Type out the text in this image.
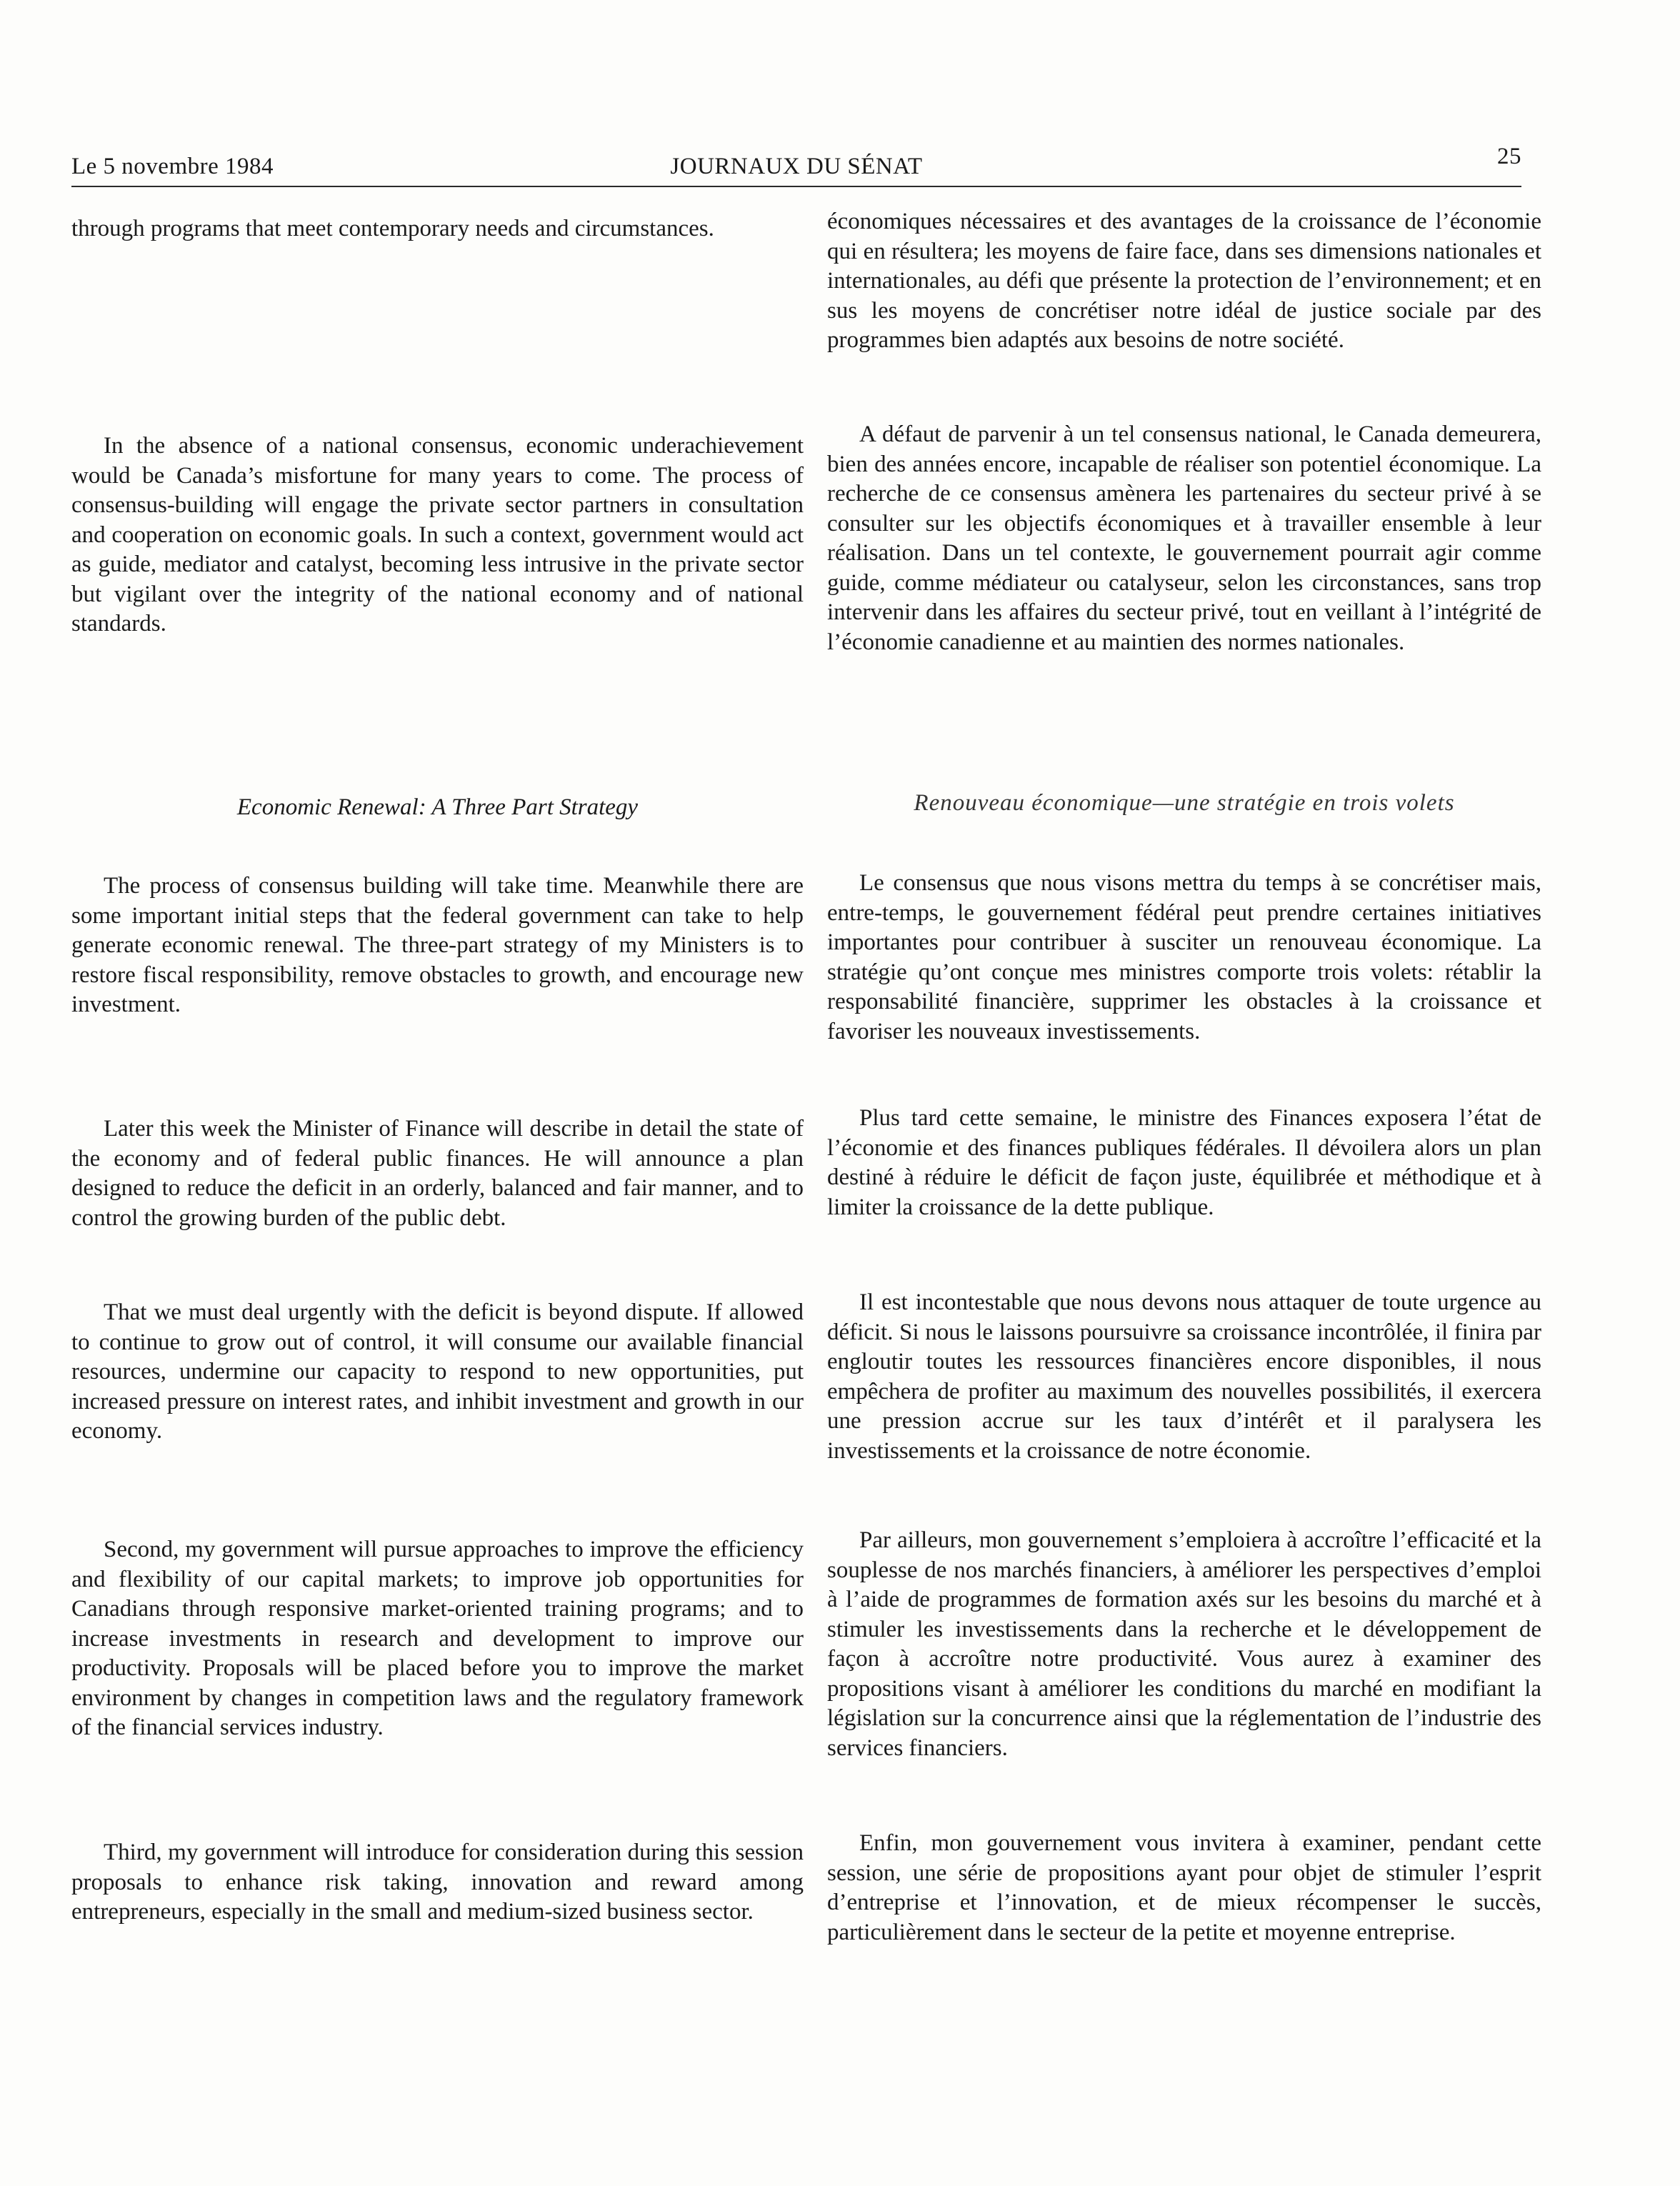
Le 5 novembre 1984	JOURNAUX DU SÉNAT	25

through programs that meet contemporary needs and circumstances.

In the absence of a national consensus, economic underachievement would be Canada’s misfortune for many years to come. The process of consensus-building will engage the private sector partners in consultation and cooperation on economic goals. In such a context, government would act as guide, mediator and catalyst, becoming less intrusive in the private sector but vigilant over the integrity of the national economy and of national standards.

Economic Renewal: A Three Part Strategy

The process of consensus building will take time. Meanwhile there are some important initial steps that the federal government can take to help generate economic renewal. The three-part strategy of my Ministers is to restore fiscal responsibility, remove obstacles to growth, and encourage new investment.

Later this week the Minister of Finance will describe in detail the state of the economy and of federal public finances. He will announce a plan designed to reduce the deficit in an orderly, balanced and fair manner, and to control the growing burden of the public debt.

That we must deal urgently with the deficit is beyond dispute. If allowed to continue to grow out of control, it will consume our available financial resources, undermine our capacity to respond to new opportunities, put increased pressure on interest rates, and inhibit investment and growth in our economy.

Second, my government will pursue approaches to improve the efficiency and flexibility of our capital markets; to improve job opportunities for Canadians through responsive market-oriented training programs; and to increase investments in research and development to improve our productivity. Proposals will be placed before you to improve the market environment by changes in competition laws and the regulatory framework of the financial services industry.

Third, my government will introduce for consideration during this session proposals to enhance risk taking, innovation and reward among entrepreneurs, especially in the small and medium-sized business sector.

économiques nécessaires et des avantages de la croissance de l’économie qui en résultera; les moyens de faire face, dans ses dimensions nationales et internationales, au défi que présente la protection de l’environnement; et en sus les moyens de concrétiser notre idéal de justice sociale par des programmes bien adaptés aux besoins de notre société.

A défaut de parvenir à un tel consensus national, le Canada demeurera, bien des années encore, incapable de réaliser son potentiel économique. La recherche de ce consensus amènera les partenaires du secteur privé à se consulter sur les objectifs économiques et à travailler ensemble à leur réalisation. Dans un tel contexte, le gouvernement pourrait agir comme guide, comme médiateur ou catalyseur, selon les circonstances, sans trop intervenir dans les affaires du secteur privé, tout en veillant à l’intégrité de l’économie canadienne et au maintien des normes nationales.

Renouveau économique—une stratégie en trois volets

Le consensus que nous visons mettra du temps à se concrétiser mais, entre-temps, le gouvernement fédéral peut prendre certaines initiatives importantes pour contribuer à susciter un renouveau économique. La stratégie qu’ont conçue mes ministres comporte trois volets: rétablir la responsabilité financière, supprimer les obstacles à la croissance et favoriser les nouveaux investissements.

Plus tard cette semaine, le ministre des Finances exposera l’état de l’économie et des finances publiques fédérales. Il dévoilera alors un plan destiné à réduire le déficit de façon juste, équilibrée et méthodique et à limiter la croissance de la dette publique.

Il est incontestable que nous devons nous attaquer de toute urgence au déficit. Si nous le laissons poursuivre sa croissance incontrôlée, il finira par engloutir toutes les ressources financières encore disponibles, il nous empêchera de profiter au maximum des nouvelles possibilités, il exercera une pression accrue sur les taux d’intérêt et il paralysera les investissements et la croissance de notre économie.

Par ailleurs, mon gouvernement s’emploiera à accroître l’efficacité et la souplesse de nos marchés financiers, à améliorer les perspectives d’emploi à l’aide de programmes de formation axés sur les besoins du marché et à stimuler les investissements dans la recherche et le développement de façon à accroître notre productivité. Vous aurez à examiner des propositions visant à améliorer les conditions du marché en modifiant la législation sur la concurrence ainsi que la réglementation de l’industrie des services financiers.

Enfin, mon gouvernement vous invitera à examiner, pendant cette session, une série de propositions ayant pour objet de stimuler l’esprit d’entreprise et l’innovation, et de mieux récompenser le succès, particulièrement dans le secteur de la petite et moyenne entreprise.
